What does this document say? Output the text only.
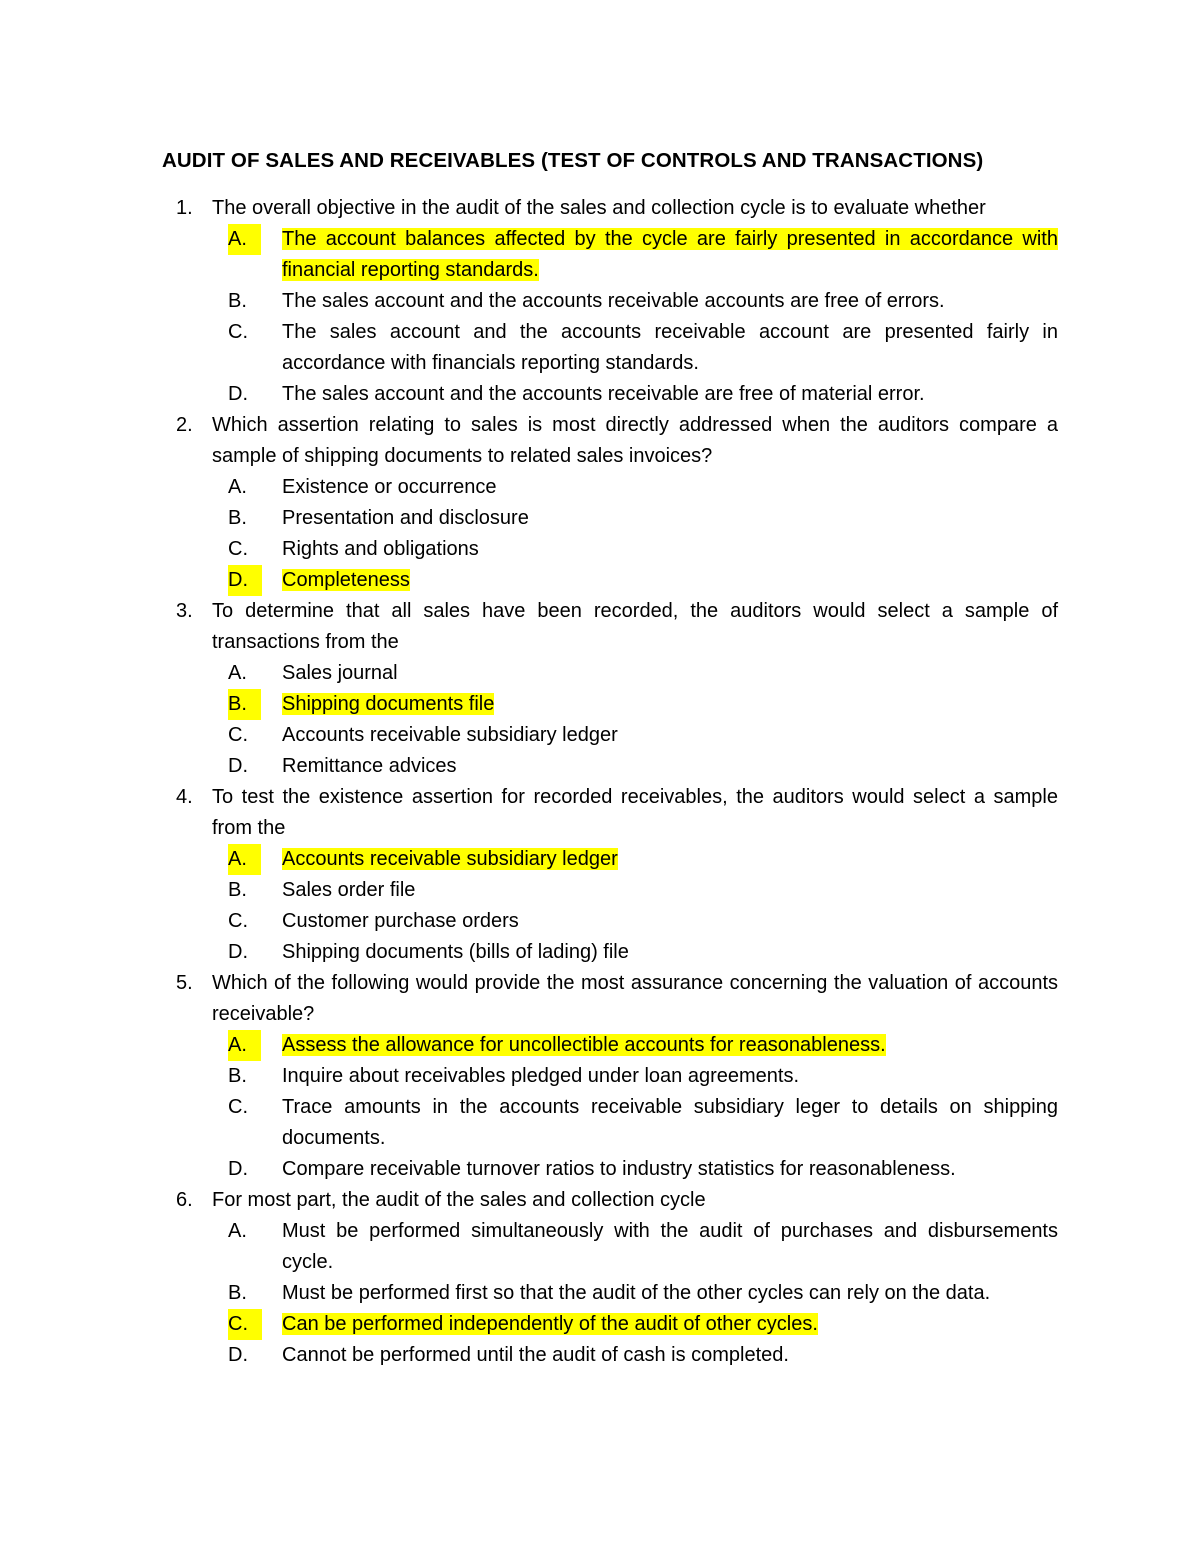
AUDIT OF SALES AND RECEIVABLES (TEST OF CONTROLS AND TRANSACTIONS)
1. The overall objective in the audit of the sales and collection cycle is to evaluate whether
A.	The account balances affected by the cycle are fairly presented in accordance with financial reporting standards.
B. The sales account and the accounts receivable accounts are free of errors.
C. The sales account and the accounts receivable account are presented fairly in accordance with financials reporting standards.
D. The sales account and the accounts receivable are free of material error.
2. Which assertion relating to sales is most directly addressed when the auditors compare a sample of shipping documents to related sales invoices?
A. Existence or occurrence
B. Presentation and disclosure
C. Rights and obligations
D.	Completeness
3. To determine that all sales have been recorded, the auditors would select a sample of transactions from the
A. Sales journal
B.	Shipping documents file
C. Accounts receivable subsidiary ledger
D. Remittance advices
4. To test the existence assertion for recorded receivables, the auditors would select a sample from the
A.	Accounts receivable subsidiary ledger
B. Sales order file
C. Customer purchase orders
D. Shipping documents (bills of lading) file
5. Which of the following would provide the most assurance concerning the valuation of accounts receivable?
A.	Assess the allowance for uncollectible accounts for reasonableness.
B. Inquire about receivables pledged under loan agreements.
C. Trace amounts in the accounts receivable subsidiary leger to details on shipping documents.
D. Compare receivable turnover ratios to industry statistics for reasonableness.
6. For most part, the audit of the sales and collection cycle
A. Must be performed simultaneously with the audit of purchases and disbursements cycle.
B. Must be performed first so that the audit of the other cycles can rely on the data.
C.	Can be performed independently of the audit of other cycles.
D. Cannot be performed until the audit of cash is completed.
